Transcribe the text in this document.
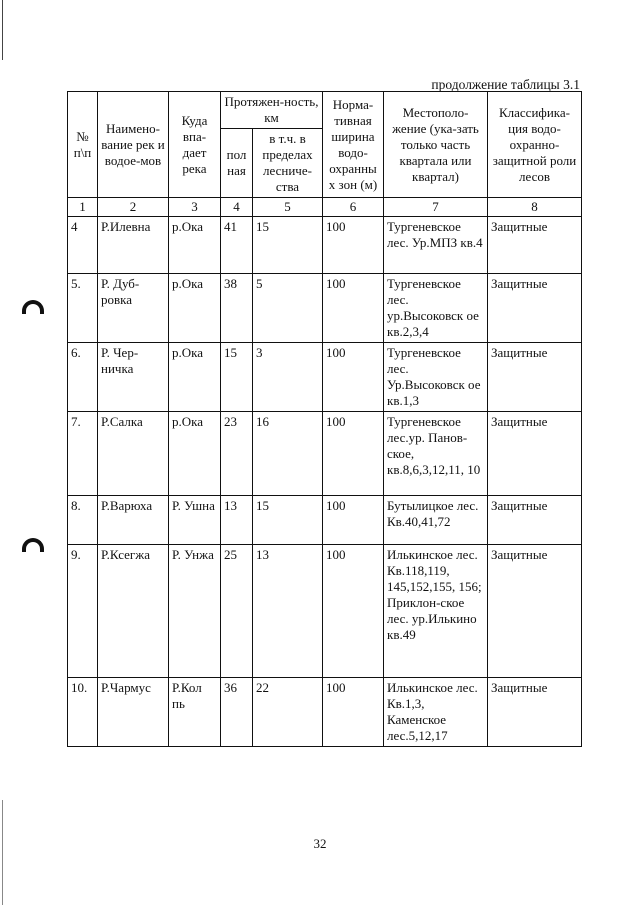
продолжение таблицы 3.1
№ п\п	Наимено-вание рек и водое-мов	Куда впа-дает река	Протяжен-ность, км		Норма-тивная ширина водо-охранных зон (м)	Местополо-жение (ука-зать только часть квартала или квартал)	Классифика-ция водо-охранно-защитной роли лесов
			пол ная	в т.ч. в пределах лесниче-ства			
1	2	3	4	5	6	7	8
4	Р.Илевна	р.Ока	41	15	100	Тургеневское лес. Ур.МПЗ кв.4	Защитные
5.	Р. Дуб-ровка	р.Ока	38	5	100	Тургеневское лес. ур.Высоковск ое кв.2,3,4	Защитные
6.	Р. Чер-ничка	р.Ока	15	3	100	Тургеневское лес. Ур.Высоковск ое кв.1,3	Защитные
7.	Р.Салка	р.Ока	23	16	100	Тургеневское лес.ур. Панов-ское, кв.8,6,3,12,11, 10	Защитные
8.	Р.Варюха	Р. Ушна	13	15	100	Бутылицкое лес. Кв.40,41,72	Защитные
9.	Р.Ксегжа	Р. Унжа	25	13	100	Илькинское лес. Кв.118,119, 145,152,155, 156; Приклон-ское лес. ур.Илькино кв.49	Защитные
10.	Р.Чармус	Р.Кол пь	36	22	100	Илькинское лес. Кв.1,3, Каменское лес.5,12,17	Защитные
32
